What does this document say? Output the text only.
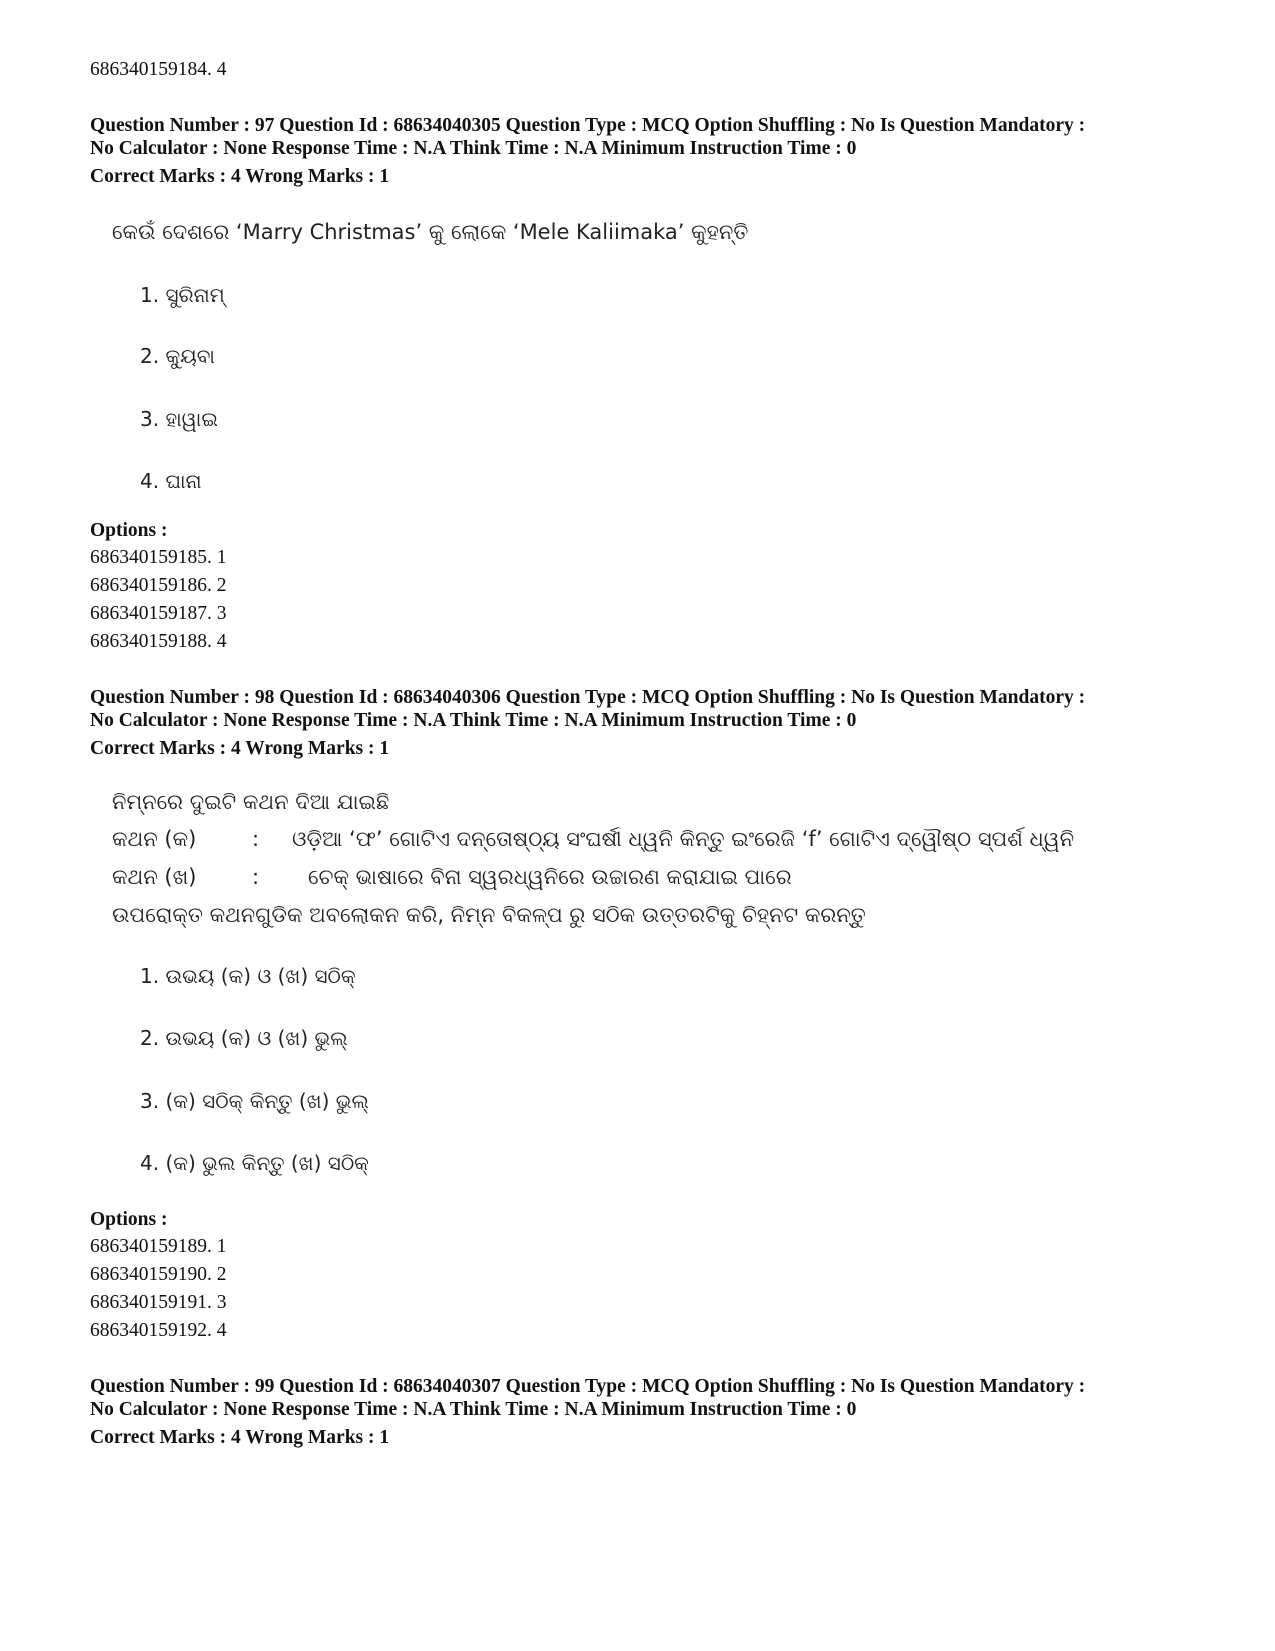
686340159184. 4
Question Number : 97 Question Id : 68634040305 Question Type : MCQ Option Shuffling : No Is Question Mandatory :
No Calculator : None Response Time : N.A Think Time : N.A Minimum Instruction Time : 0
Correct Marks : 4 Wrong Marks : 1
କେଉଁ ଦେଶରେ ‘Marry Christmas’ କୁ ଲୋକେ ‘Mele Kaliimaka’ କୁହନ୍ତି
1. ସୁରିନାମ୍
2. କ୍ୟୁବା
3. ହାୱାଇ
4. ଘାନା
Options :
686340159185. 1
686340159186. 2
686340159187. 3
686340159188. 4
Question Number : 98 Question Id : 68634040306 Question Type : MCQ Option Shuffling : No Is Question Mandatory :
No Calculator : None Response Time : N.A Think Time : N.A Minimum Instruction Time : 0
Correct Marks : 4 Wrong Marks : 1
ନିମ୍ନରେ ଦୁଇଟି କଥନ ଦିଆ ଯାଇଛି
କଥନ (କ)	: ଓଡ଼ିଆ ‘ଫ’ ଗୋଟିଏ ଦନ୍ତୋଷ୍ଠ୍ୟ ସଂଘର୍ଷୀ ଧ୍ୱନି କିନ୍ତୁ ଇଂରେଜି ‘f’ ଗୋଟିଏ ଦ୍ୱୌଷ୍ଠ ସ୍ପର୍ଶ ଧ୍ୱନି
କଥନ (ଖ)	: ଚେକ୍ ଭାଷାରେ ବିନା ସ୍ୱରଧ୍ୱନିରେ ଉଚ୍ଚାରଣ କରାଯାଇ ପାରେ
ଉପରୋକ୍ତ କଥନଗୁଡିକ ଅବଲୋକନ କରି, ନିମ୍ନ ବିକଳ୍ପ ରୁ ସଠିକ ଉତ୍ତରଟିକୁ ଚିହ୍ନଟ କରନ୍ତୁ
1. ଉଭୟ (କ) ଓ (ଖ) ସଠିକ୍
2. ଉଭୟ (କ) ଓ (ଖ) ଭୁଲ୍
3. (କ) ସଠିକ୍ କିନ୍ତୁ (ଖ) ଭୁଲ୍
4. (କ) ଭୁଲ କିନ୍ତୁ (ଖ) ସଠିକ୍
Options :
686340159189. 1
686340159190. 2
686340159191. 3
686340159192. 4
Question Number : 99 Question Id : 68634040307 Question Type : MCQ Option Shuffling : No Is Question Mandatory :
No Calculator : None Response Time : N.A Think Time : N.A Minimum Instruction Time : 0
Correct Marks : 4 Wrong Marks : 1
